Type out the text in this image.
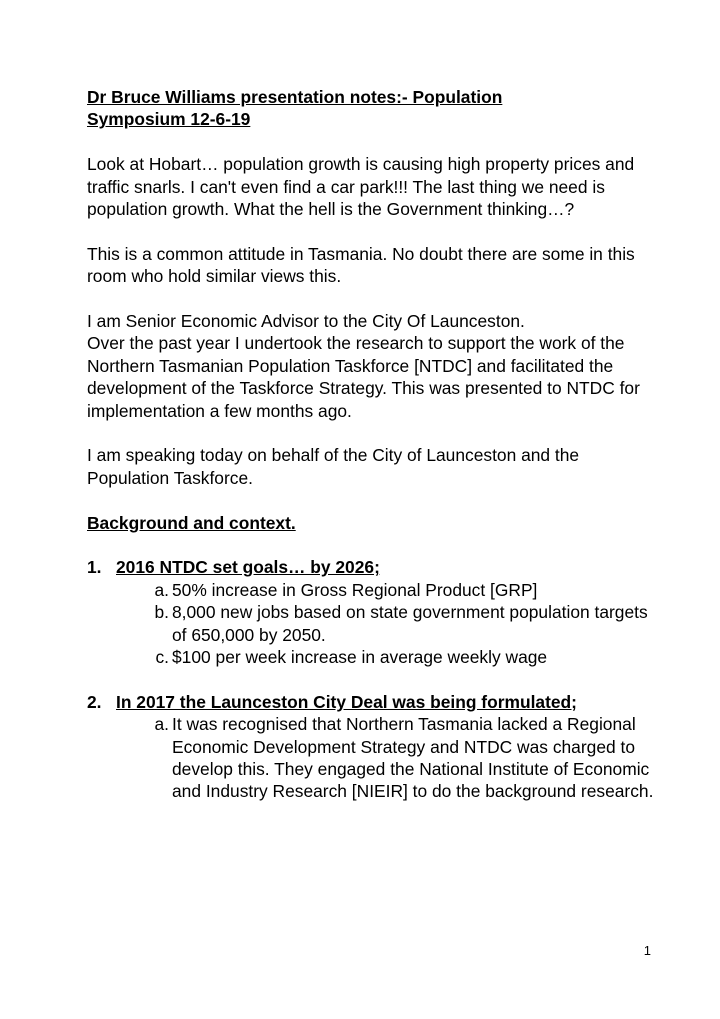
Dr Bruce Williams presentation notes:- Population Symposium 12-6-19

Look at Hobart… population growth is causing high property prices and traffic snarls. I can't even find a car park!!! The last thing we need is population growth. What the hell is the Government thinking…?

This is a common attitude in Tasmania. No doubt there are some in this room who hold similar views this.

I am Senior Economic Advisor to the City Of Launceston.

Over the past year I undertook the research to support the work of the Northern Tasmanian Population Taskforce [NTDC] and facilitated the development of the Taskforce Strategy. This was presented to NTDC for implementation a few months ago.

I am speaking today on behalf of the City of Launceston and the Population Taskforce.

Background and context.

1. 2016 NTDC set goals… by 2026;
a. 50% increase in Gross Regional Product [GRP]
b. 8,000 new jobs based on state government population targets of 650,000 by 2050.
c. $100 per week increase in average weekly wage
2. In 2017 the Launceston City Deal was being formulated;
a. It was recognised that Northern Tasmania lacked a Regional Economic Development Strategy and NTDC was charged to develop this. They engaged the National Institute of Economic and Industry Research [NIEIR] to do the background research.
1
